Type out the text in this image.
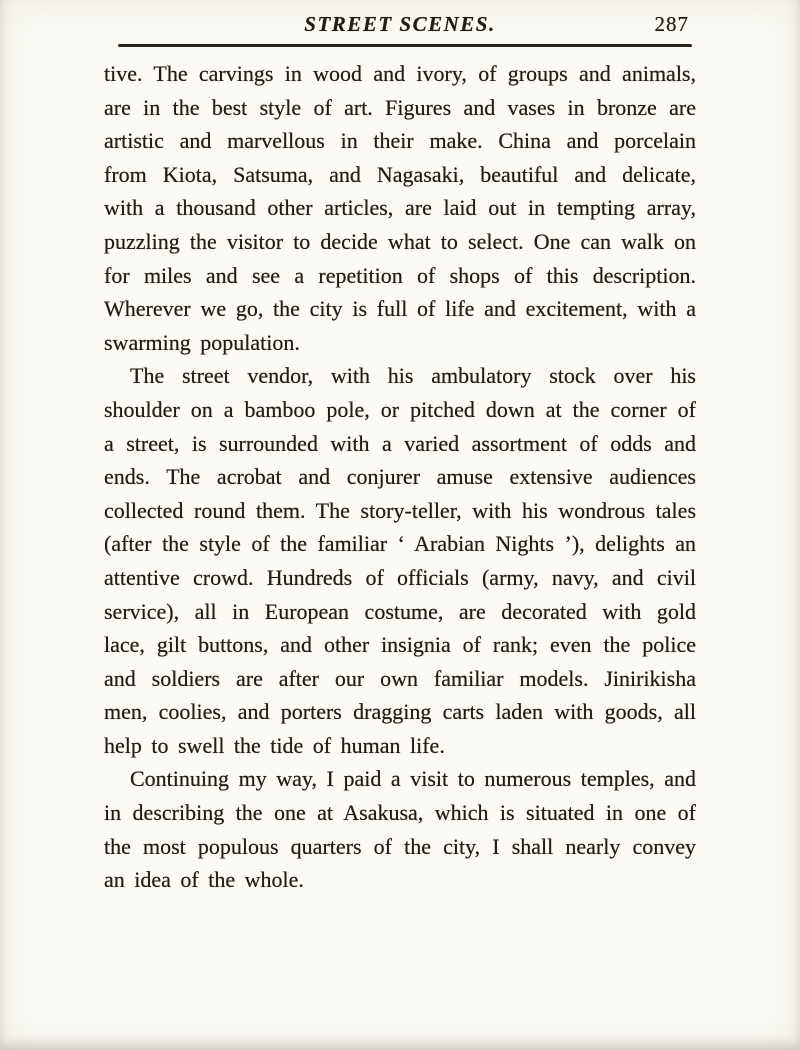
STREET SCENES.	287

tive. The carvings in wood and ivory, of groups and animals, are in the best style of art. Figures and vases in bronze are artistic and marvellous in their make. China and porcelain from Kiota, Satsuma, and Nagasaki, beautiful and delicate, with a thousand other articles, are laid out in tempting array, puzzling the visitor to decide what to select. One can walk on for miles and see a repetition of shops of this description. Wherever we go, the city is full of life and excitement, with a swarming population.

The street vendor, with his ambulatory stock over his shoulder on a bamboo pole, or pitched down at the corner of a street, is surrounded with a varied assortment of odds and ends. The acrobat and conjurer amuse extensive audiences collected round them. The story-teller, with his wondrous tales (after the style of the familiar ‘ Arabian Nights ’), delights an attentive crowd. Hundreds of officials (army, navy, and civil service), all in European costume, are decorated with gold lace, gilt buttons, and other insignia of rank; even the police and soldiers are after our own familiar models. Jinirikisha men, coolies, and porters dragging carts laden with goods, all help to swell the tide of human life.

Continuing my way, I paid a visit to numerous temples, and in describing the one at Asakusa, which is situated in one of the most populous quarters of the city, I shall nearly convey an idea of the whole.
